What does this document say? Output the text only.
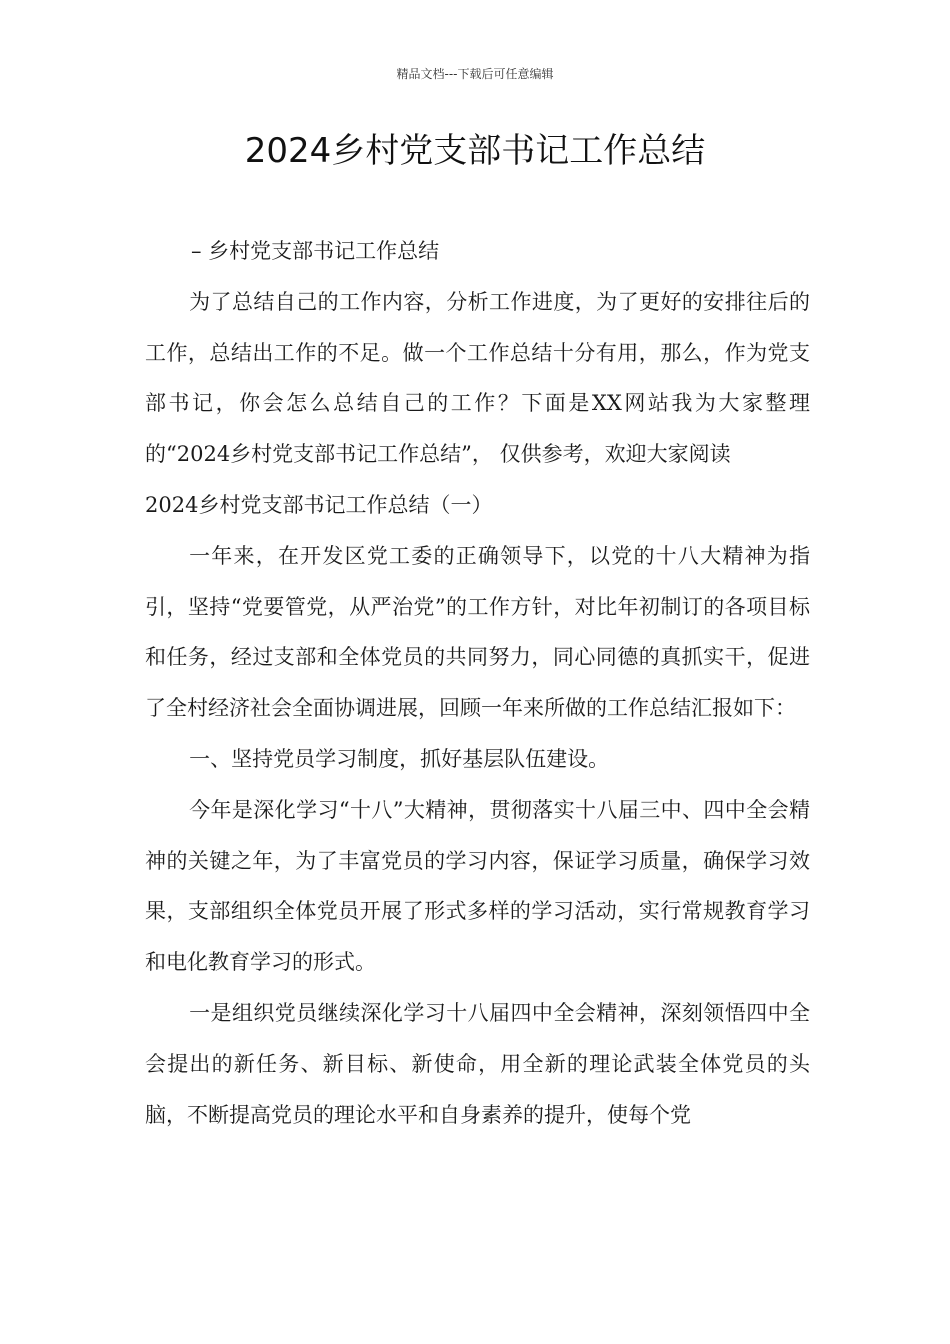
精品文档---下载后可任意编辑
2024乡村党支部书记工作总结

– 乡村党支部书记工作总结

为了总结自己的工作内容，分析工作进度，为了更好的安排往后的工作，总结出工作的不足。做一个工作总结十分有用，那么，作为党支部书记，你会怎么总结自己的工作？下面是XX网站我为大家整理的“2024乡村党支部书记工作总结”， 仅供参考，欢迎大家阅读

2024乡村党支部书记工作总结（一）

一年来，在开发区党工委的正确领导下，以党的十八大精神为指引，坚持“党要管党，从严治党”的工作方针，对比年初制订的各项目标和任务，经过支部和全体党员的共同努力，同心同德的真抓实干，促进了全村经济社会全面协调进展，回顾一年来所做的工作总结汇报如下：

一、坚持党员学习制度，抓好基层队伍建设。

今年是深化学习“十八”大精神，贯彻落实十八届三中、四中全会精神的关键之年，为了丰富党员的学习内容，保证学习质量，确保学习效果，支部组织全体党员开展了形式多样的学习活动，实行常规教育学习和电化教育学习的形式。

一是组织党员继续深化学习十八届四中全会精神，深刻领悟四中全会提出的新任务、新目标、新使命，用全新的理论武装全体党员的头脑，不断提高党员的理论水平和自身素养的提升，使每个党
